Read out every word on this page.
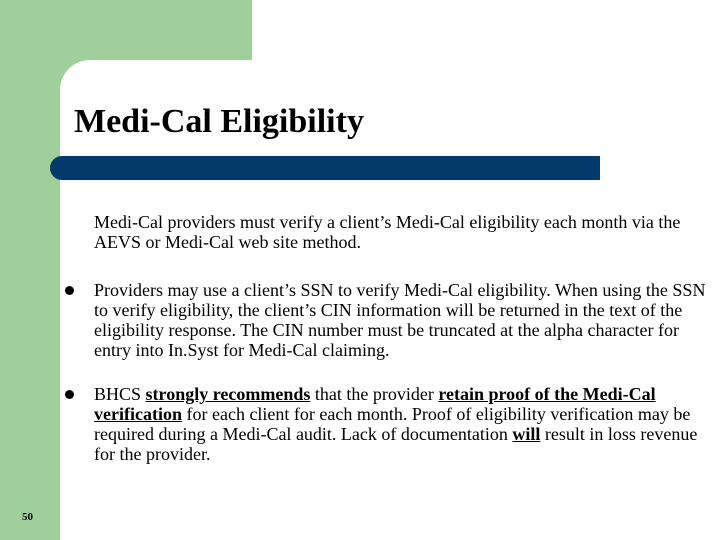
Medi-Cal Eligibility
Medi-Cal providers must verify a client’s Medi-Cal eligibility each month via the AEVS or Medi-Cal web site method.
Providers may use a client’s SSN to verify Medi-Cal eligibility. When using the SSN to verify eligibility, the client’s CIN information will be returned in the text of the eligibility response. The CIN number must be truncated at the alpha character for entry into In.Syst for Medi-Cal claiming.
BHCS strongly recommends that the provider retain proof of the Medi-Cal verification for each client for each month. Proof of eligibility verification may be required during a Medi-Cal audit. Lack of documentation will result in loss revenue for the provider.
50
